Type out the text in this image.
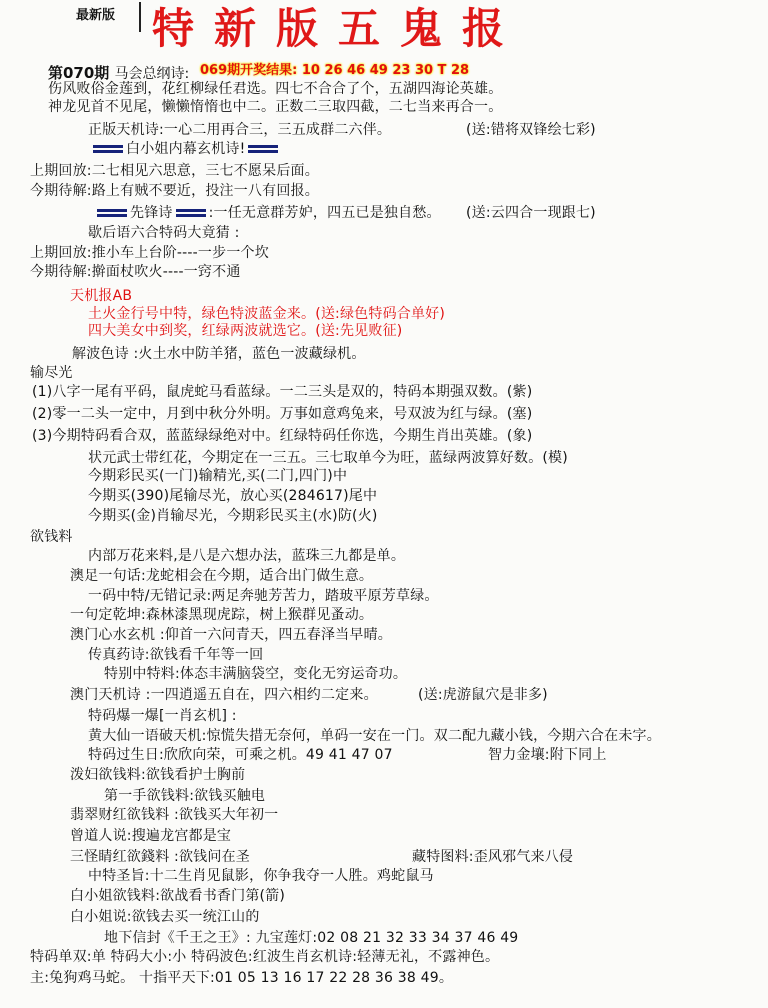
最新版 特新版五鬼报
第070期 马会总纲诗: 069期开奖结果: 10 26 46 49 23 30 T 28
伤风败俗金莲到，花红柳绿任君选。四七不合合了个，五湖四海论英雄。
神龙见首不见尾，懒懒惰惰也中二。正数二三取四截，二七当来再合一。
正版天机诗:一心二用再合三，三五成群二六伴。	(送:错将双锋绘七彩)
白小姐内幕玄机诗!
上期回放:二七相见六思意，三七不愿呆后面。
今期待解:路上有贼不要近，投注一八有回报。
先锋诗	:一任无意群芳妒，四五已是独自愁。 (送:云四合一现跟七)
歇后语六合特码大竟猜 :
上期回放:推小车上台阶----一步一个坎
今期待解:擀面杖吹火----一窍不通
天机报AB
土火金行号中特，绿色特波蓝金来。(送:绿色特码合单好)
四大美女中到奖，红绿两波就选它。(送:先见败征)
解波色诗 :火土水中防羊猪，蓝色一波藏绿机。
输尽光
(1)八字一尾有平码，鼠虎蛇马看蓝绿。一二三头是双的，特码本期强双数。(紫)
(2)零一二头一定中，月到中秋分外明。万事如意鸡兔来，号双波为红与绿。(塞)
(3)今期特码看合双，蓝蓝绿绿绝对中。红绿特码任你选，今期生肖出英雄。(象)
状元武士带红花，今期定在一三五。三七取单今为旺，蓝绿两波算好数。(模)
今期彩民买(一门)输精光,买(二门,四门)中
今期买(390)尾输尽光，放心买(284617)尾中
今期买(金)肖输尽光，今期彩民买主(水)防(火)
欲钱料
内部万花来料,是八是六想办法，蓝珠三九都是单。
澳足一句话:龙蛇相会在今期，适合出门做生意。
一码中特/无错记录:两足奔驰芳苦力，踏玻平原芳草绿。
一句定乾坤:森林漆黑现虎踪，树上猴群见蚤动。
澳门心水玄机 :仰首一六问青天，四五春泽当早晴。
传真药诗:欲钱看千年等一回
特别中特料:体态丰满脑袋空，变化无穷运奇功。
澳门天机诗 :一四逍遥五自在，四六相约二定来。	(送:虎游鼠穴是非多)
特码爆一爆[一肖玄机] :
黄大仙一语破天机:惊慌失措无奈何，单码一安在一门。双二配九藏小钱，今期六合在未字。
特码过生日:欣欣向荣，可乘之机。49 41 47 07	智力金壤:附下同上
泼妇欲钱料:欲钱看护士胸前
第一手欲钱料:欲钱买触电
翡翠财红欲钱料 :欲钱买大年初一
曾道人说:搜遍龙宫都是宝
三怪睛红欲錢料 :欲钱问在圣	藏特图料:歪风邪气来八侵
中特圣旨:十二生肖见鼠影，你争我夺一人胜。鸡蛇鼠马
白小姐欲钱料:欲战看书香门第(箭)
白小姐说:欲钱去买一统江山的
地下信封《千王之王》: 九宝莲灯:02 08 21 32 33 34 37 46 49
特码单双:单 特码大小:小 特码波色:红波生肖玄机诗:轻薄无礼，不露神色。
主:兔狗鸡马蛇。 十指平天下:01 05 13 16 17 22 28 36 38 49。
